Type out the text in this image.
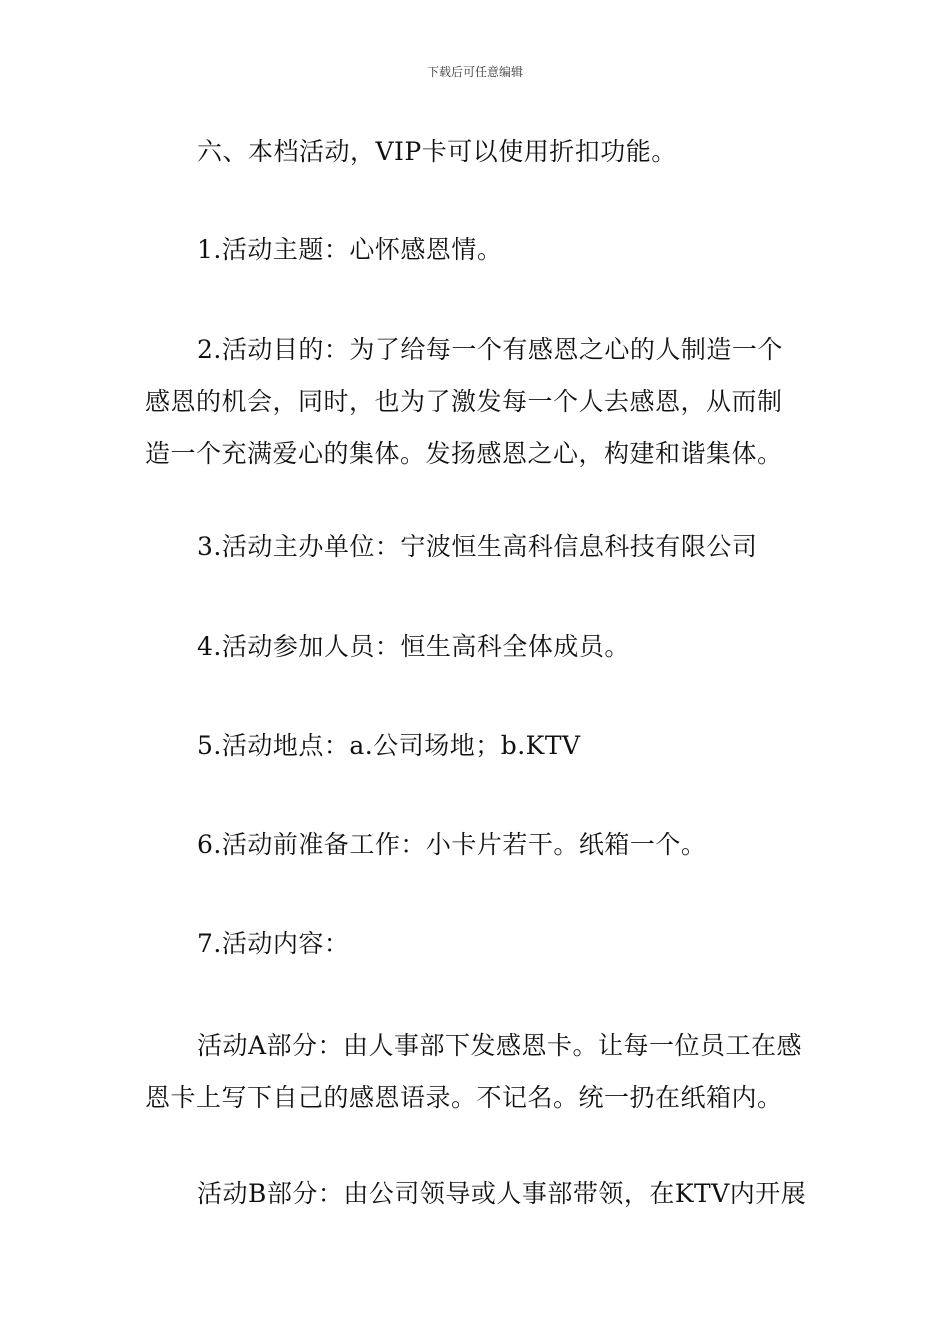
下载后可任意编辑

六、本档活动，VIP卡可以使用折扣功能。

1.活动主题：心怀感恩情。

2.活动目的：为了给每一个有感恩之心的人制造一个感恩的机会，同时，也为了激发每一个人去感恩，从而制造一个充满爱心的集体。发扬感恩之心，构建和谐集体。

3.活动主办单位：宁波恒生高科信息科技有限公司

4.活动参加人员：恒生高科全体成员。

5.活动地点：a.公司场地；b.KTV

6.活动前准备工作：小卡片若干。纸箱一个。

7.活动内容：

活动A部分：由人事部下发感恩卡。让每一位员工在感恩卡上写下自己的感恩语录。不记名。统一扔在纸箱内。

活动B部分：由公司领导或人事部带领，在KTV内开展
